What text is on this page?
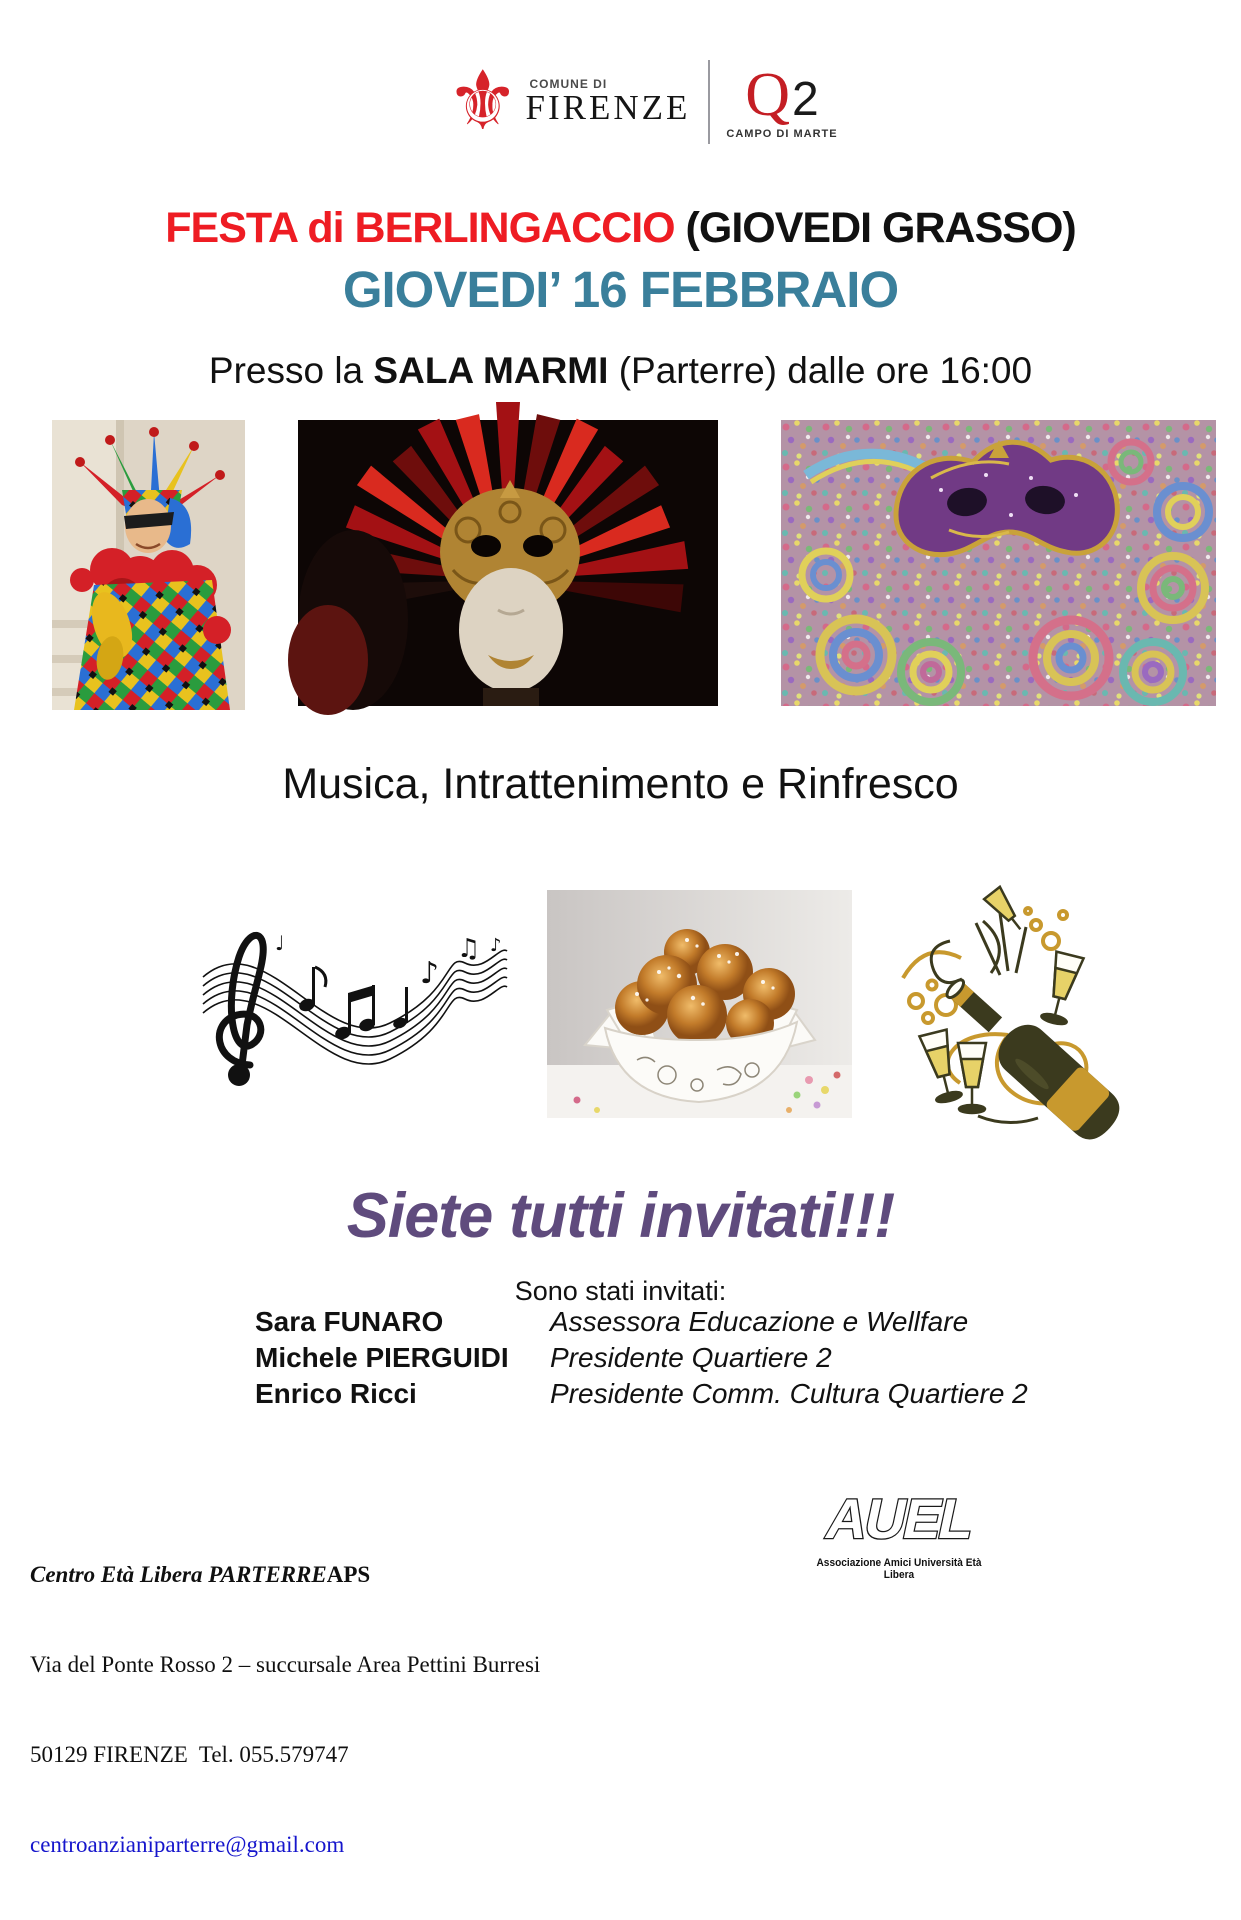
⚜ COMUNE DI
FIRENZE Q 2
CAMPO DI MARTE
FESTA di BERLINGACCIO (GIOVEDI GRASSO)
GIOVEDI’ 16 FEBBRAIO
Presso la SALA MARMI (Parterre) dalle ore 16:00
Musica, Intrattenimento e Rinfresco
♪
♫ ♪
♩
Siete tutti invitati!!!
Sono stati invitati:
Sara FUNARO	Assessora Educazione e Wellfare
Michele PIERGUIDI	Presidente Quartiere 2
Enrico Ricci	Presidente Comm. Cultura Quartiere 2

Centro Età Libera PARTERREAPS

Via del Ponte Rosso 2 – succursale Area Pettini Burresi

50129 FIRENZE  Tel. 055.579747

centroanzianiparterre@gmail.com

AUEL
Associazione Amici Università Età Libera
